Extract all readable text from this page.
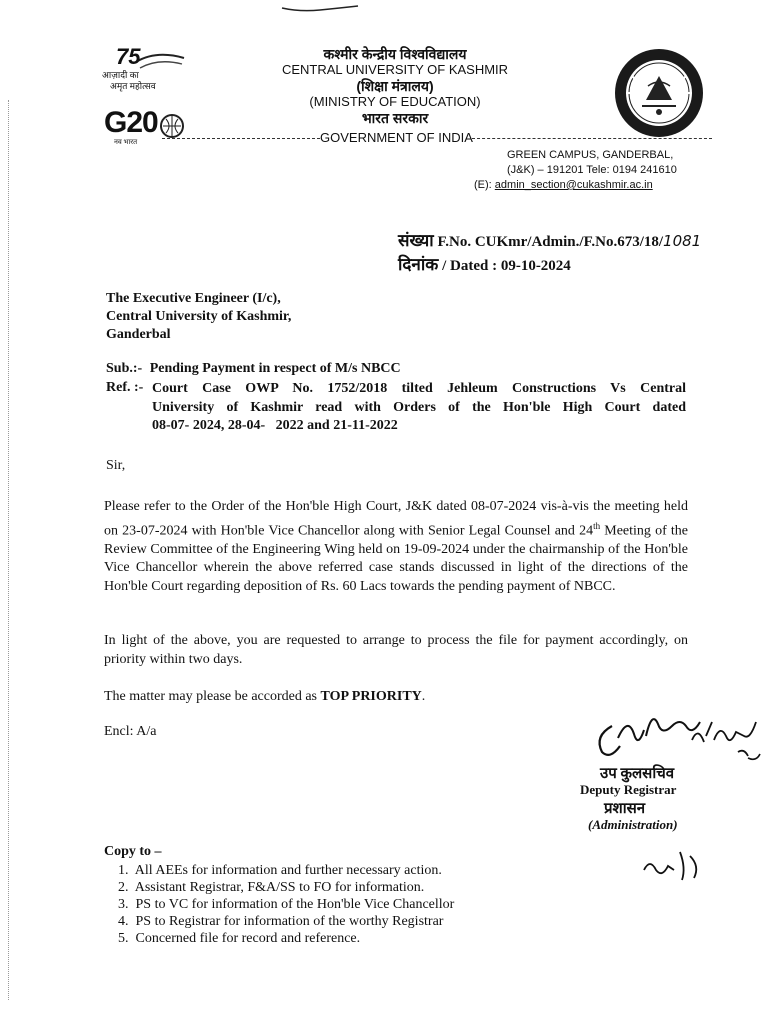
75
आज़ादी का
अमृत महोत्सव
G20
नव भारत
कश्मीर केन्द्रीय विश्वविद्यालय
CENTRAL UNIVERSITY OF KASHMIR
(शिक्षा मंत्रालय)
(MINISTRY OF EDUCATION)
भारत सरकार
GOVERNMENT OF INDIA
GREEN CAMPUS, GANDERBAL,
(J&K) – 191201 Tele: 0194 241610
(E): admin_section@cukashmir.ac.in
संख्या F.No. CUKmr/Admin./F.No.673/18/1081
दिनांक / Dated : 09-10-2024
The Executive Engineer (I/c),
Central University of Kashmir,
Ganderbal
Sub.:- Pending Payment in respect of M/s NBCC
Ref. :- Court Case OWP No. 1752/2018 tilted Jehleum Constructions Vs Central
University of Kashmir read with Orders of the Hon'ble High Court dated
08-07- 2024, 28-04-   2022 and 21-11-2022
Sir,
Please refer to the Order of the Hon'ble High Court, J&K dated 08-07-2024 vis-à-vis the meeting held on 23-07-2024 with Hon'ble Vice Chancellor along with Senior Legal Counsel and 24th Meeting of the Review Committee of the Engineering Wing held on 19-09-2024 under the chairmanship of the Hon'ble Vice Chancellor wherein the above referred case stands discussed in light of the directions of the Hon'ble Court regarding deposition of Rs. 60 Lacs towards the pending payment of NBCC.
In light of the above, you are requested to arrange to process the file for payment accordingly, on priority within two days.
The matter may please be accorded as TOP PRIORITY.
Encl: A/a
उप कुलसचिव
Deputy Registrar
प्रशासन
(Administration)
Copy to –
1.  All AEEs for information and further necessary action.
2.  Assistant Registrar, F&A/SS to FO for information.
3.  PS to VC for information of the Hon'ble Vice Chancellor
4.  PS to Registrar for information of the worthy Registrar
5.  Concerned file for record and reference.
